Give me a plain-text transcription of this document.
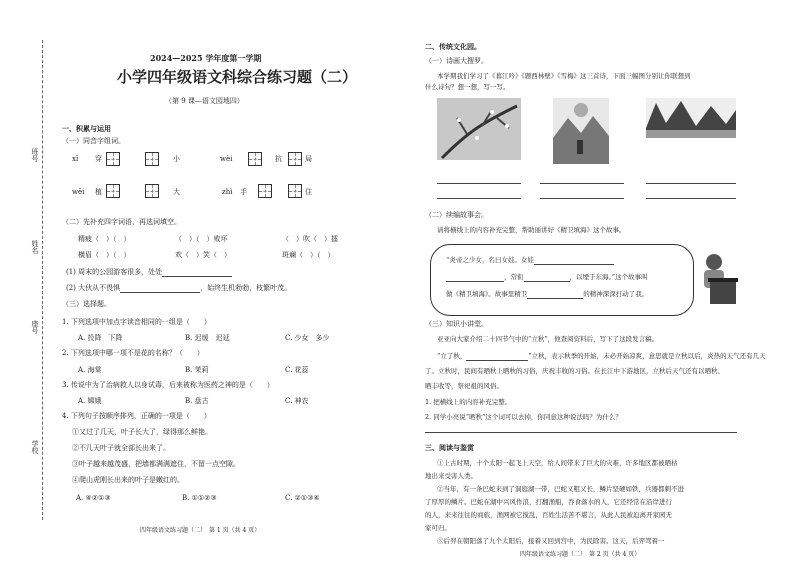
班号
姓名
座号
学校
2024—2025 学年度第一学期
小学四年级语文科综合练习题（二）
（第 9 课—语文园地四）
一、积累与运用
（一）同音字组词。
xī 穿	小	wèi	抗	局
wēi 植	大	zhì 手	住
（二）先补充四字词语，再选词填空。
精疲（　）（　）	（　）（　）败坏	（　）吹（　）擂
横眉（　）（　）	欢（　）笑（　）	斑斓（　）（　）
(1) 周末的公园游客很多，处处
(2) 大伙从不畏惧	，始终生机勃勃，枝繁叶茂。
（三）选择题。
1. 下列选项中加点字读音相同的一组是（　　）
A. 投降　下降	B. 迟缓　迟延	C. 少女　多少
2. 下列选项中哪一项不是花的名称？（　　）
A. 海棠	B. 茉莉	C. 花蕊
3. 传说中为了治病救人以身试毒，后来被称为医药之神的是（　　）
A. 嫦娥	B. 盘古	C. 神农
4. 下列句子按顺序排列，正确的一项是（　　）
①又过了几天，叶子长大了，绿得那么鲜艳。
②不几天叶子就全部长出来了。
③叶子越来越茂盛，把墙都满满遮住，不留一点空隙。
④爬山虎刚长出来的叶子是嫩红的。
A. ④②①③	B. ①①②③	C. ②①③④
四年级语文练习题（二）　第 1 页（共 4 页）
二、传统文化园。
（一）诗画大搜罗。
本学期我们学习了《暮江吟》《题西林壁》《雪梅》这三首诗，下面三幅图分别让你联想到
什么诗句？想一想，写一写。
（二）续编故事会。
请将横线上的内容补充完整，帮助丽讲好《精卫填海》这个故事。
“炎帝之少女，名曰女娃。女娃
，常衔	，以堙于东海。”这个故事叫
做《精卫填海》。故事里精卫	的精神深深打动了我。
（三）知识小讲堂。
亚亚向大家介绍二十四节气中的“立秋”，他查阅资料后，写下了这段发言稿。
“立了秋，	”立秋，表示秋季的开始，未必开始凉爽，意思就是立秋以后，炎热的天气还有几天
了。立秋时，民间有晒秋上晒秋的习俗，庆祝丰收的习俗。在长江中下游地区，立秋后天气还有以晒秋、
晒丰收等，祭祀祖的风俗。
1. 把横线上的内容补充完整。
2. 同学小亮说“晒秋”这个词可以去掉，你同意这种说法吗？为什么？
三、阅读与鉴赏
①上古时期，十个太阳一起飞上天空，给人间带来了巨大的灾难，许多地区都被晒枯
地出来受害人类。
②当年，有一条巴蛇来到了洞庭湖一带，巴蛇又粗又长，鳞片坚硬如铁，兵器都刺不进
了厚厚的鳞片。巴蛇在湖中兴风作浪，打翻渔船，吞食落水的人，它还经常在沿岸进行
的人，来来往往的商旅，渔网被它搅乱，百姓生活苦不堪言，从此人民被迫离开家园无
家可归。
③后羿在朝阳落了九个太阳后，接着又回到宫中，为民除害。这天，后羿驾着一
四年级语文练习题（二）　第 2 页（共 4 页）
